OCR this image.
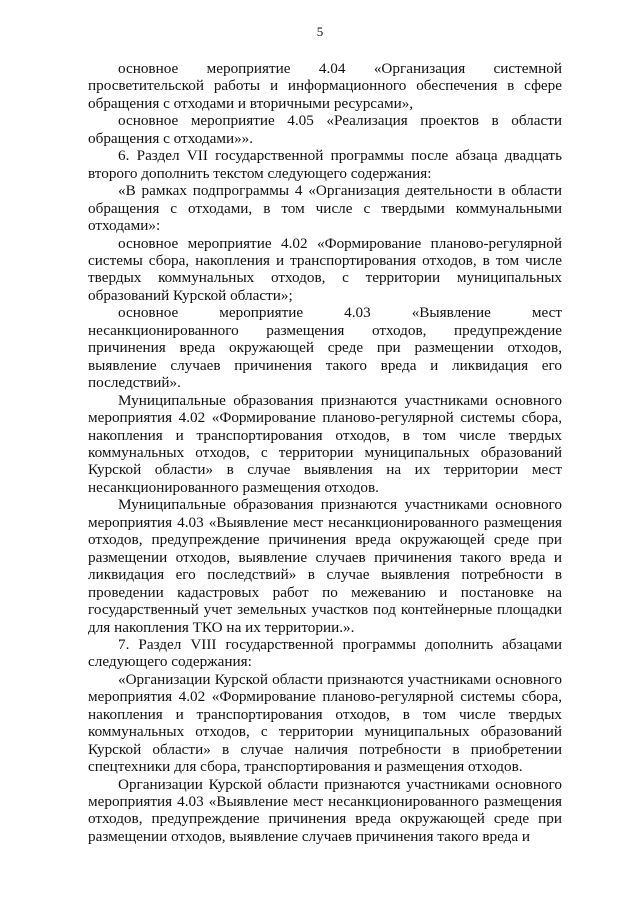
5

основное мероприятие 4.04 «Организация системной просветительской работы и информационного обеспечения в сфере обращения с отходами и вторичными ресурсами»,

основное мероприятие 4.05 «Реализация проектов в области обращения с отходами»».

6. Раздел VII государственной программы после абзаца двадцать второго дополнить текстом следующего содержания:

«В рамках подпрограммы 4 «Организация деятельности в области обращения с отходами, в том числе с твердыми коммунальными отходами»:

основное мероприятие 4.02 «Формирование планово-регулярной системы сбора, накопления и транспортирования отходов, в том числе твердых коммунальных отходов, с территории муниципальных образований Курской области»;

основное мероприятие 4.03 «Выявление мест несанкционированного размещения отходов, предупреждение причинения вреда окружающей среде при размещении отходов, выявление случаев причинения такого вреда и ликвидация его последствий».

Муниципальные образования признаются участниками основного мероприятия 4.02 «Формирование планово-регулярной системы сбора, накопления и транспортирования отходов, в том числе твердых коммунальных отходов, с территории муниципальных образований Курской области» в случае выявления на их территории мест несанкционированного размещения отходов.

Муниципальные образования признаются участниками основного мероприятия 4.03 «Выявление мест несанкционированного размещения отходов, предупреждение причинения вреда окружающей среде при размещении отходов, выявление случаев причинения такого вреда и ликвидация его последствий» в случае выявления потребности в проведении кадастровых работ по межеванию и постановке на государственный учет земельных участков под контейнерные площадки для накопления ТКО на их территории.».

7. Раздел VIII государственной программы дополнить абзацами следующего содержания:

«Организации Курской области признаются участниками основного мероприятия 4.02 «Формирование планово-регулярной системы сбора, накопления и транспортирования отходов, в том числе твердых коммунальных отходов, с территории муниципальных образований Курской области» в случае наличия потребности в приобретении спецтехники для сбора, транспортирования и размещения отходов.

Организации Курской области признаются участниками основного мероприятия 4.03 «Выявление мест несанкционированного размещения отходов, предупреждение причинения вреда окружающей среде при размещении отходов, выявление случаев причинения такого вреда и
